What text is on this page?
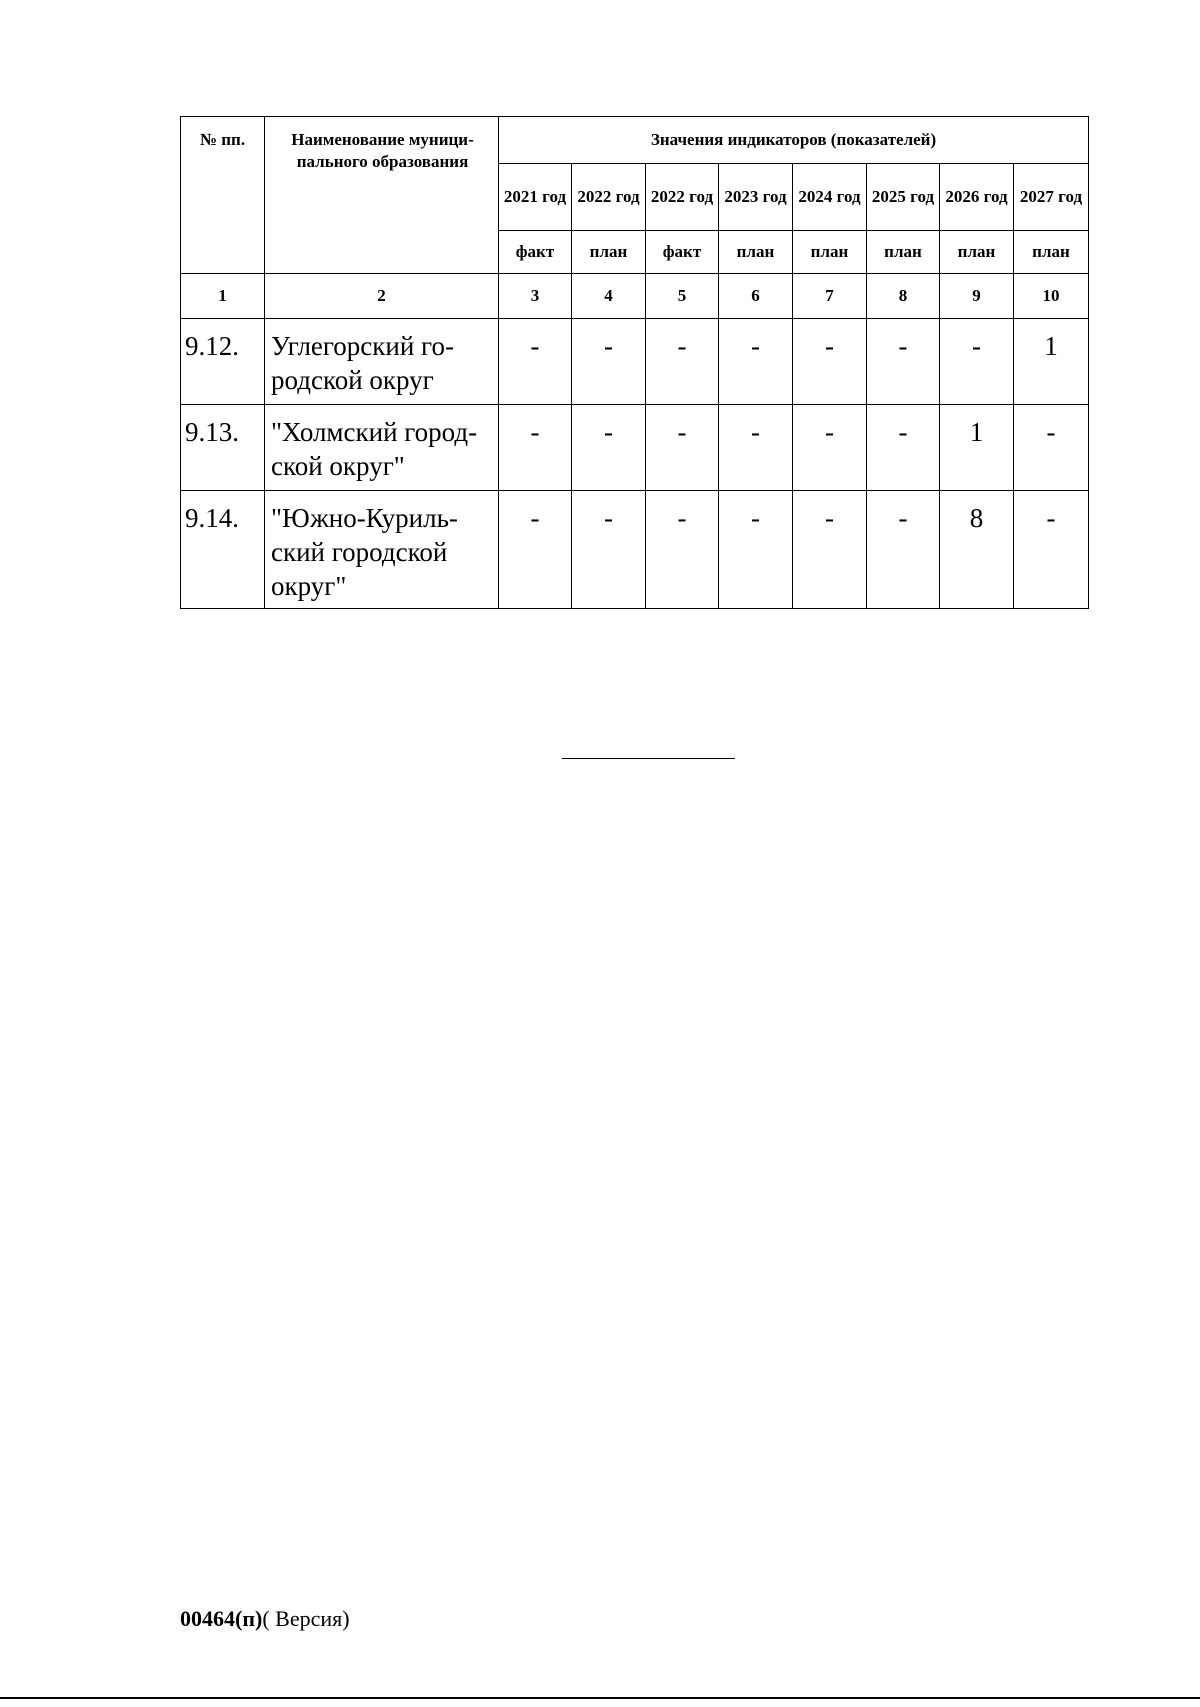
№ пп.	Наименование муници-пального образования	Значения индикаторов (показателей)							
		2021 год	2022 год	2022 год	2023 год	2024 год	2025 год	2026 год	2027 год
		факт	план	факт	план	план	план	план	план
1	2	3	4	5	6	7	8	9	10
9.12.	Углегорский го-родской округ	-	-	-	-	-	-	-	1
9.13.	"Холмский город-ской округ"	-	-	-	-	-	-	1	-
9.14.	"Южно-Куриль-ский городской округ"	-	-	-	-	-	-	8	-
00464(п)( Версия)
